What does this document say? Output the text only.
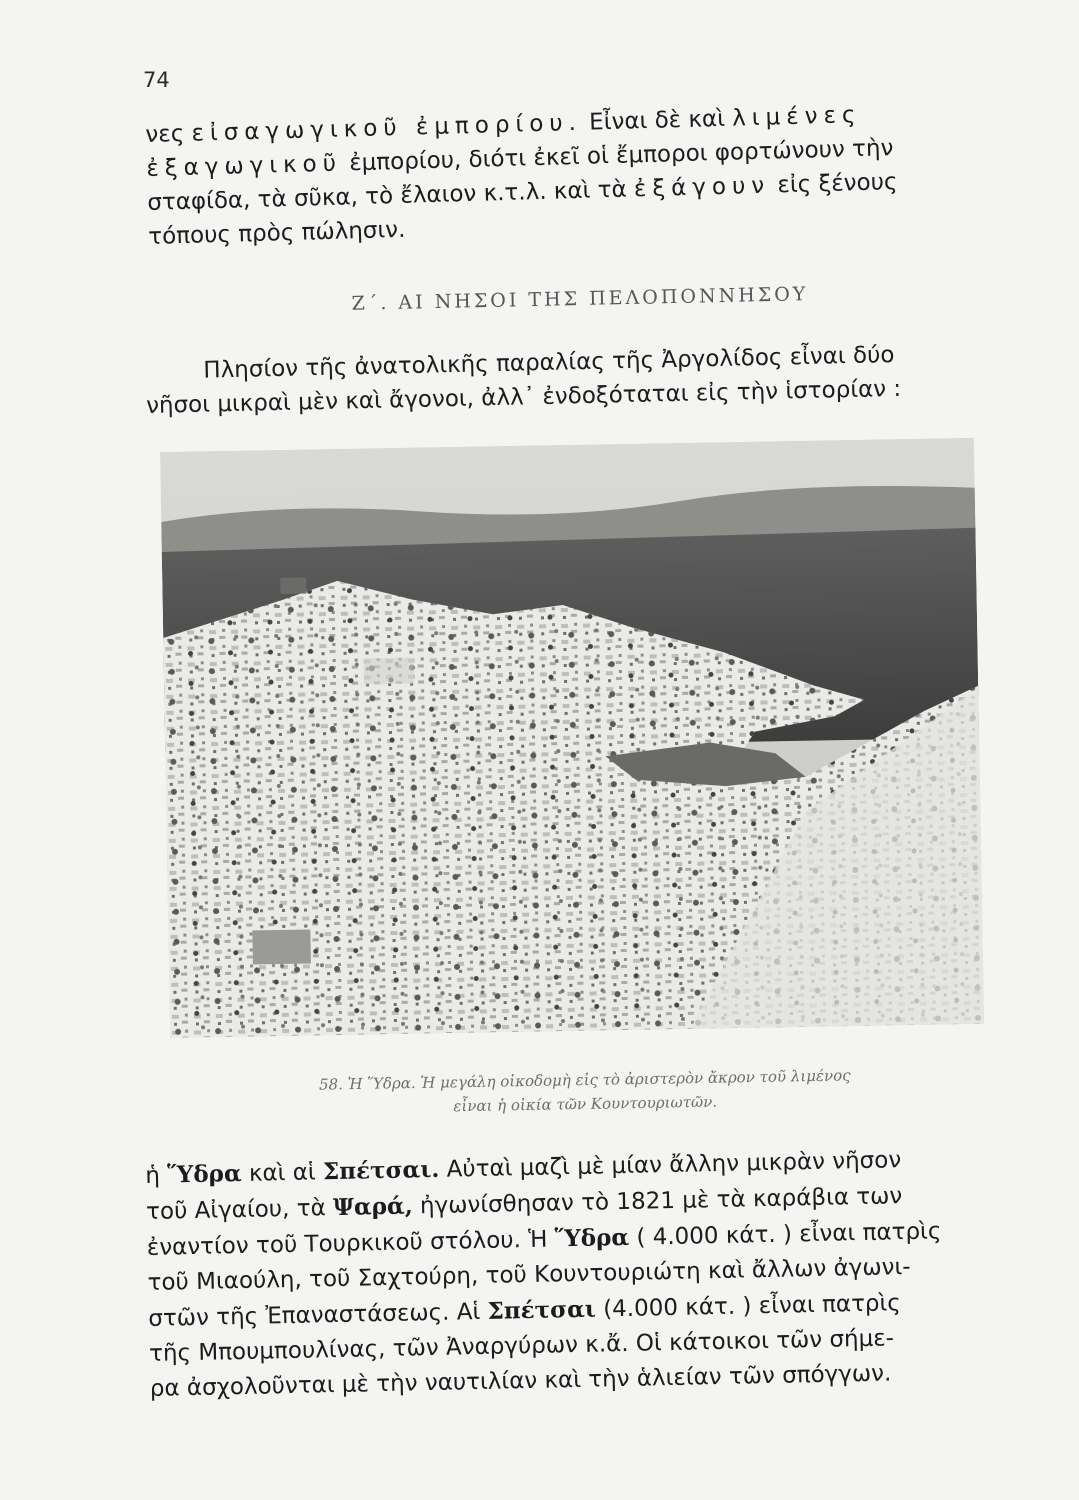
74

νες εἰσαγωγικοῦ ἐμπορίου. Εἶναι δὲ καὶ λιμένες
ἐξαγωγικοῦ ἐμπορίου, διότι ἐκεῖ οἱ ἔμποροι φορτώνουν τὴν
σταφίδα, τὰ σῦκα, τὸ ἔλαιον κ.τ.λ. καὶ τὰ ἐξάγουν εἰς ξένους
τόπους πρὸς πώλησιν.

Ζ΄. ΑΙ ΝΗΣΟΙ ΤΗΣ ΠΕΛΟΠΟΝΝΗΣΟΥ

Πλησίον τῆς ἀνατολικῆς παραλίας τῆς Ἀργολίδος εἶναι δύο
νῆσοι μικραὶ μὲν καὶ ἄγονοι, ἀλλ᾽ ἐνδοξόταται εἰς τὴν ἱστορίαν :

58. Ἡ Ὕδρα. Ἡ μεγάλη οἰκοδομὴ εἰς τὸ ἀριστερὸν ἄκρον τοῦ λιμένος
εἶναι ἡ οἰκία τῶν Κουντουριωτῶν.

ἡ Ὕδρα καὶ αἱ Σπέτσαι. Αὐταὶ μαζὶ μὲ μίαν ἄλλην μικρὰν νῆσον
τοῦ Αἰγαίου, τὰ Ψαρά, ἠγωνίσθησαν τὸ 1821 μὲ τὰ καράβια των
ἐναντίον τοῦ Τουρκικοῦ στόλου. Ἡ Ὕδρα ( 4.000 κάτ. ) εἶναι πατρὶς
τοῦ Μιαούλη, τοῦ Σαχτούρη, τοῦ Κουντουριώτη καὶ ἄλλων ἀγωνι-
στῶν τῆς Ἐπαναστάσεως. Αἱ Σπέτσαι (4.000 κάτ. ) εἶναι πατρὶς
τῆς Μπουμπουλίνας, τῶν Ἀναργύρων κ.ἄ. Οἱ κάτοικοι τῶν σήμε-
ρα ἀσχολοῦνται μὲ τὴν ναυτιλίαν καὶ τὴν ἁλιείαν τῶν σπόγγων.
